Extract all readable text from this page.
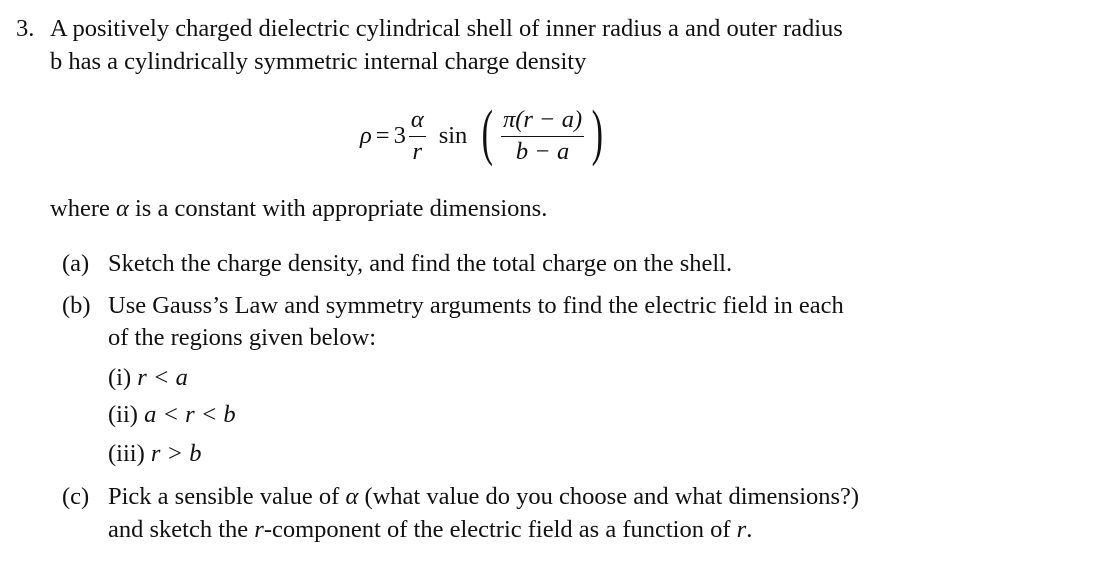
3. A positively charged dielectric cylindrical shell of inner radius a and outer radius
b has a cylindrically symmetric internal charge density
$\rho = 3 \frac{\alpha}{r}$ sin ( $\frac{\pi(r - a)}{b - a}$ )
where α is a constant with appropriate dimensions.
(a) Sketch the charge density, and find the total charge on the shell.
(b) Use Gauss’s Law and symmetry arguments to find the electric field in each
of the regions given below:
(i) r < a
(ii) a < r < b
(iii) r > b
(c) Pick a sensible value of α (what value do you choose and what dimensions?)
and sketch the r-component of the electric field as a function of r.
